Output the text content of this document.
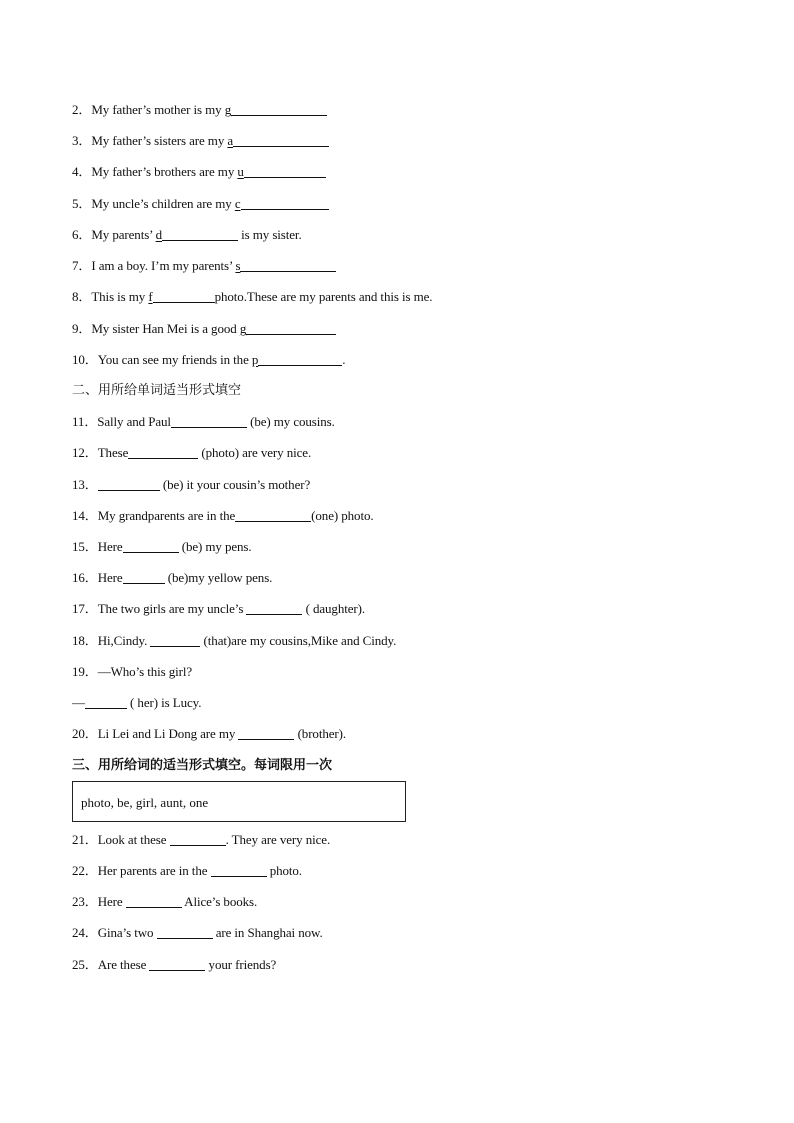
2．My father’s mother is my g
3．My father’s sisters are my a
4．My father’s brothers are my u
5．My uncle’s children are my c
6．My parents’ d	is my sister.
7．I am a boy. I’m my parents’ s
8．This is my f	photo.These are my parents and this is me.
9．My sister Han Mei is a good g
10．You can see my friends in the p	.
二、用所给单词适当形式填空
11．Sally and Paul	(be) my cousins.
12．These	(photo) are very nice.
13．	(be) it your cousin’s mother?
14．My grandparents are in the	(one) photo.
15．Here	(be) my pens.
16．Here	(be)my yellow pens.
17．The two girls are my uncle’s	( daughter).
18．Hi,Cindy.	(that)are my cousins,Mike and Cindy.
19．—Who’s this girl?
—	( her) is Lucy.
20．Li Lei and Li Dong are my	(brother).
三、用所给词的适当形式填空。每词限用一次
photo, be, girl, aunt, one
21．Look at these	. They are very nice.
22．Her parents are in the	photo.
23．Here	Alice’s books.
24．Gina’s two	are in Shanghai now.
25．Are these	your friends?
